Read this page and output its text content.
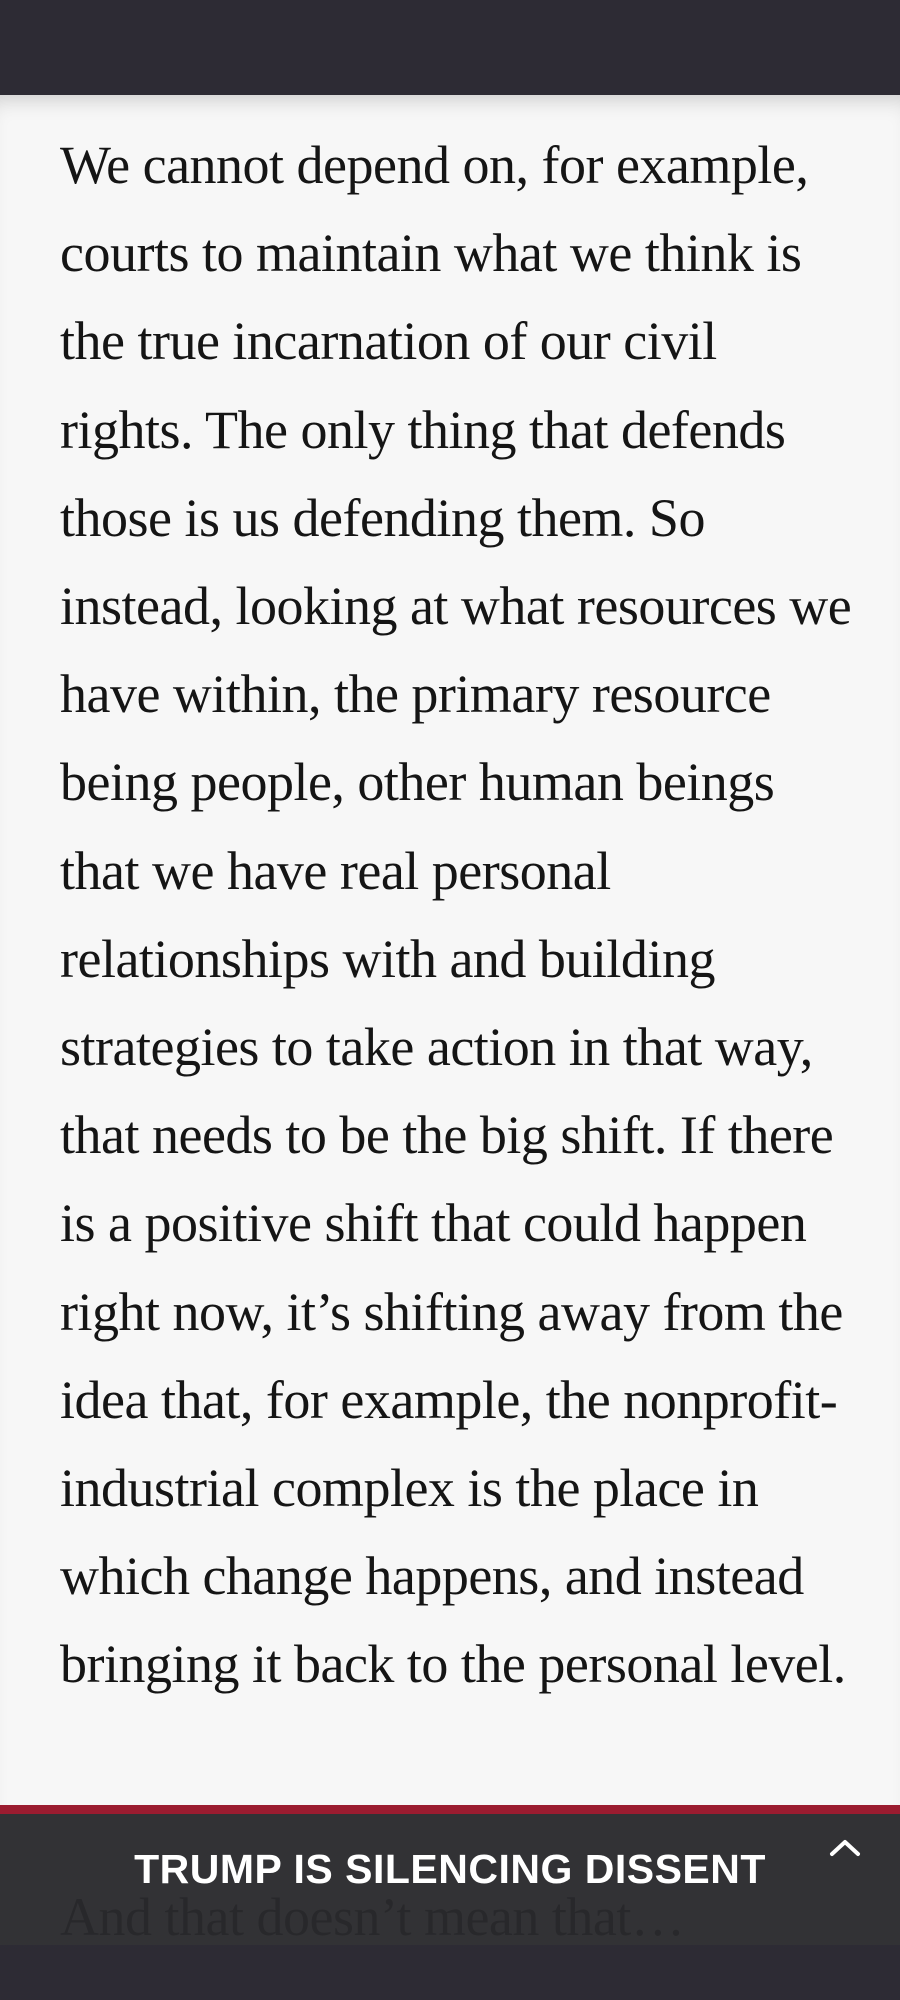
We cannot depend on, for example, courts to maintain what we think is the true incarnation of our civil rights. The only thing that defends those is us defending them. So instead, looking at what resources we have within, the primary resource being people, other human beings that we have real personal relationships with and building strategies to take action in that way, that needs to be the big shift. If there is a positive shift that could happen right now, it’s shifting away from the idea that, for example, the nonprofit-industrial complex is the place in which change happens, and instead bringing it back to the personal level.

TRUMP IS SILENCING DISSENT
